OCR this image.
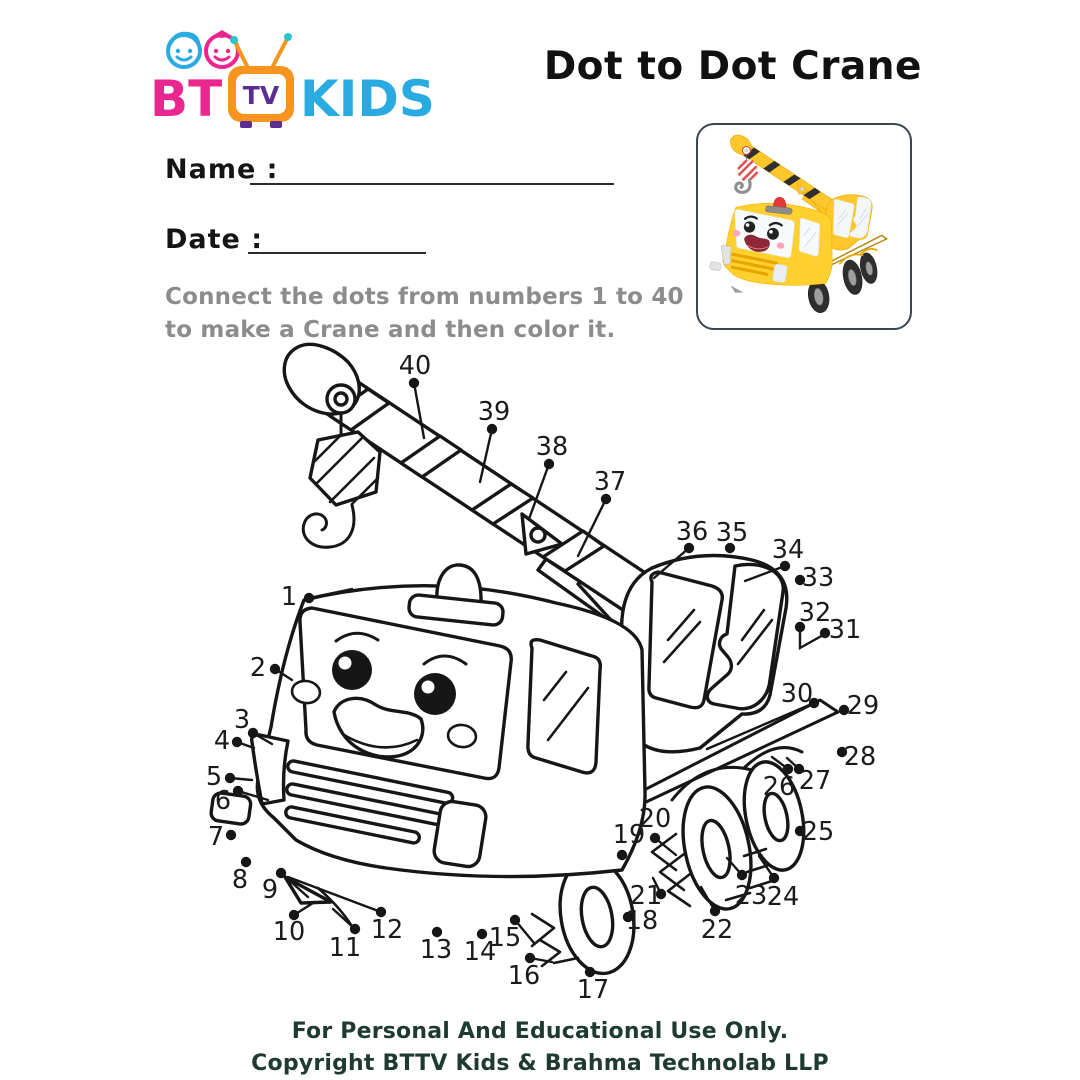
BT TV KIDS
Dot to Dot Crane
Name :
Date :
Connect the dots from numbers 1 to 40
to make a Crane and then color it.
1
2
3
4
5
6
7
8 9
10
11
12
13 14
15
16 17
18
19
20
21
22
23 24
25
26 27
28
29
30
31
32
33
34
35
36
37
38
39
40
For Personal And Educational Use Only.
Copyright BTTV Kids & Brahma Technolab LLP
